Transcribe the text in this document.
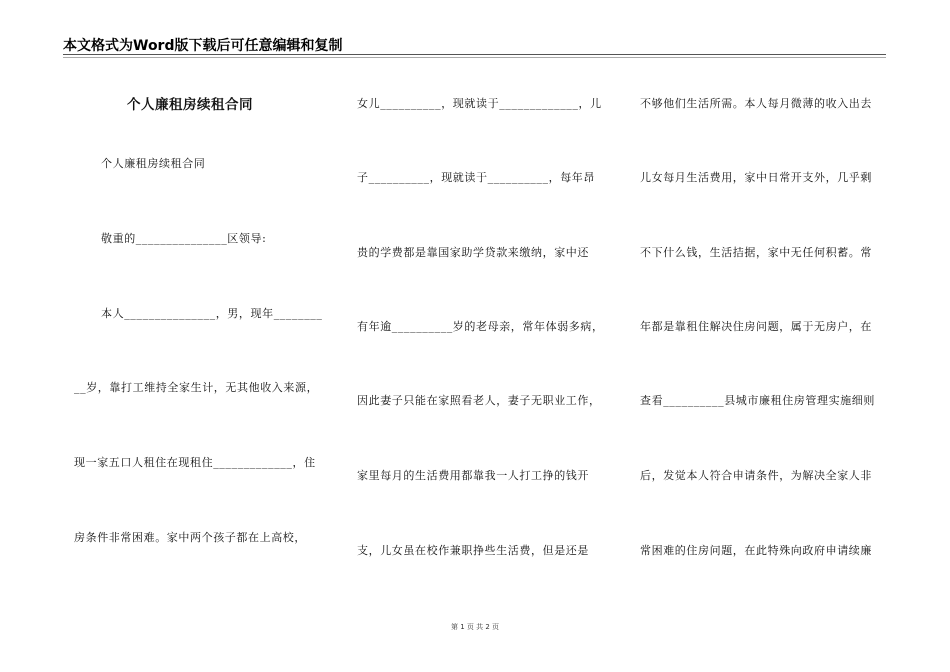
本文格式为Word版下载后可任意编辑和复制
个人廉租房续租合同
个人廉租房续租合同
敬重的_______________区领导:
本人_______________，男，现年________
__岁，靠打工维持全家生计，无其他收入来源，
现一家五口人租住在现租住_____________，住
房条件非常困难。家中两个孩子都在上高校，
女儿__________，现就读于_____________，儿
子__________，现就读于__________，每年昂
贵的学费都是靠国家助学贷款来缴纳，家中还
有年逾__________岁的老母亲，常年体弱多病，
因此妻子只能在家照看老人，妻子无职业工作，
家里每月的生活费用都靠我一人打工挣的钱开
支，儿女虽在校作兼职挣些生活费，但是还是
不够他们生活所需。本人每月微薄的收入出去
儿女每月生活费用，家中日常开支外，几乎剩
不下什么钱，生活拮据，家中无任何积蓄。常
年都是靠租住解决住房问题，属于无房户，在
查看__________县城市廉租住房管理实施细则
后，发觉本人符合申请条件，为解决全家人非
常困难的住房问题，在此特殊向政府申请续廉
第 1 页 共 2 页
